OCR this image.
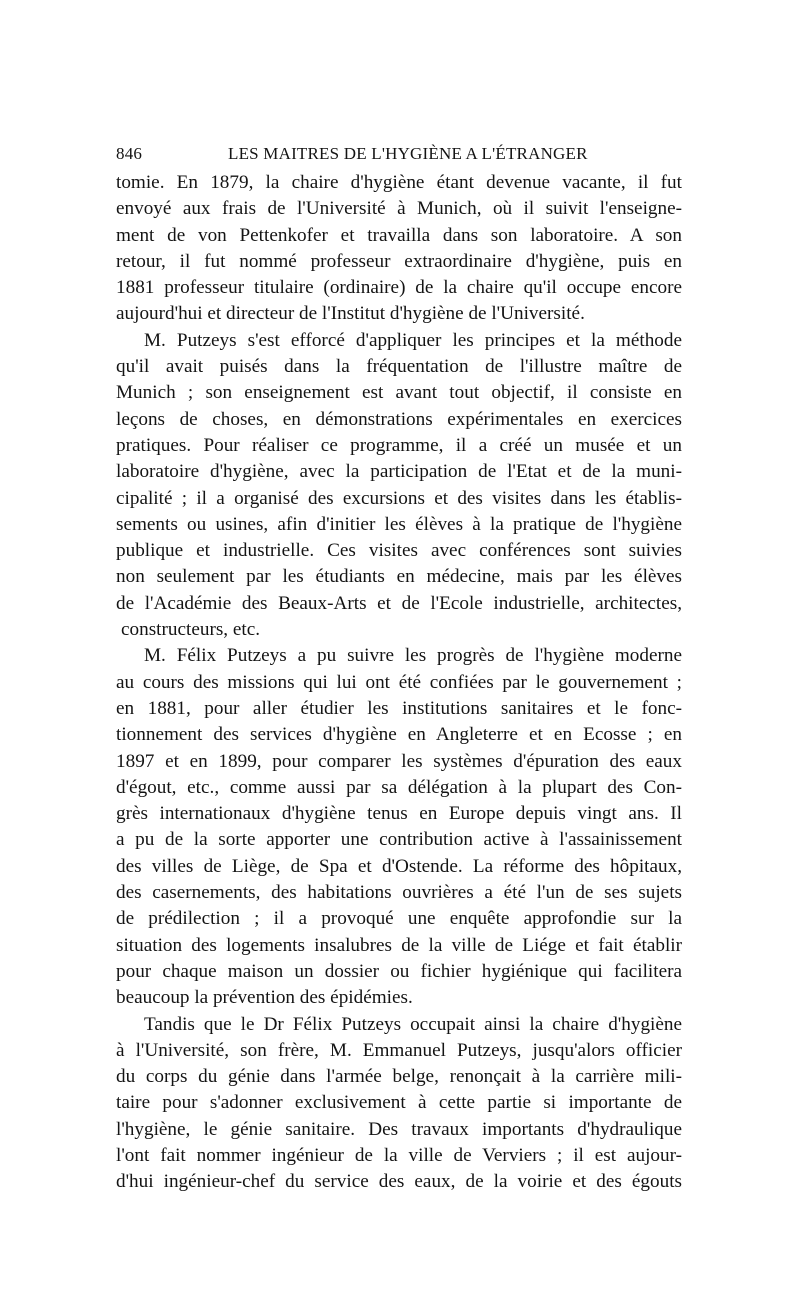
846	LES MAITRES DE L'HYGIÈNE A L'ÉTRANGER
tomie. En 1879, la chaire d'hygiène étant devenue vacante, il fut
envoyé aux frais de l'Université à Munich, où il suivit l'enseigne-
ment de von Pettenkofer et travailla dans son laboratoire. A son
retour, il fut nommé professeur extraordinaire d'hygiène, puis en
1881 professeur titulaire (ordinaire) de la chaire qu'il occupe encore
aujourd'hui et directeur de l'Institut d'hygiène de l'Université.
M. Putzeys s'est efforcé d'appliquer les principes et la méthode
qu'il avait puisés dans la fréquentation de l'illustre maître de
Munich ; son enseignement est avant tout objectif, il consiste en
leçons de choses, en démonstrations expérimentales en exercices
pratiques. Pour réaliser ce programme, il a créé un musée et un
laboratoire d'hygiène, avec la participation de l'Etat et de la muni-
cipalité ; il a organisé des excursions et des visites dans les établis-
sements ou usines, afin d'initier les élèves à la pratique de l'hygiène
publique et industrielle. Ces visites avec conférences sont suivies
non seulement par les étudiants en médecine, mais par les élèves
de l'Académie des Beaux-Arts et de l'Ecole industrielle, architectes,
constructeurs, etc.
M. Félix Putzeys a pu suivre les progrès de l'hygiène moderne
au cours des missions qui lui ont été confiées par le gouvernement ;
en 1881, pour aller étudier les institutions sanitaires et le fonc-
tionnement des services d'hygiène en Angleterre et en Ecosse ; en
1897 et en 1899, pour comparer les systèmes d'épuration des eaux
d'égout, etc., comme aussi par sa délégation à la plupart des Con-
grès internationaux d'hygiène tenus en Europe depuis vingt ans. Il
a pu de la sorte apporter une contribution active à l'assainissement
des villes de Liège, de Spa et d'Ostende. La réforme des hôpitaux,
des casernements, des habitations ouvrières a été l'un de ses sujets
de prédilection ; il a provoqué une enquête approfondie sur la
situation des logements insalubres de la ville de Liége et fait établir
pour chaque maison un dossier ou fichier hygiénique qui facilitera
beaucoup la prévention des épidémies.
Tandis que le Dr Félix Putzeys occupait ainsi la chaire d'hygiène
à l'Université, son frère, M. Emmanuel Putzeys, jusqu'alors officier
du corps du génie dans l'armée belge, renonçait à la carrière mili-
taire pour s'adonner exclusivement à cette partie si importante de
l'hygiène, le génie sanitaire. Des travaux importants d'hydraulique
l'ont fait nommer ingénieur de la ville de Verviers ; il est aujour-
d'hui ingénieur-chef du service des eaux, de la voirie et des égouts
